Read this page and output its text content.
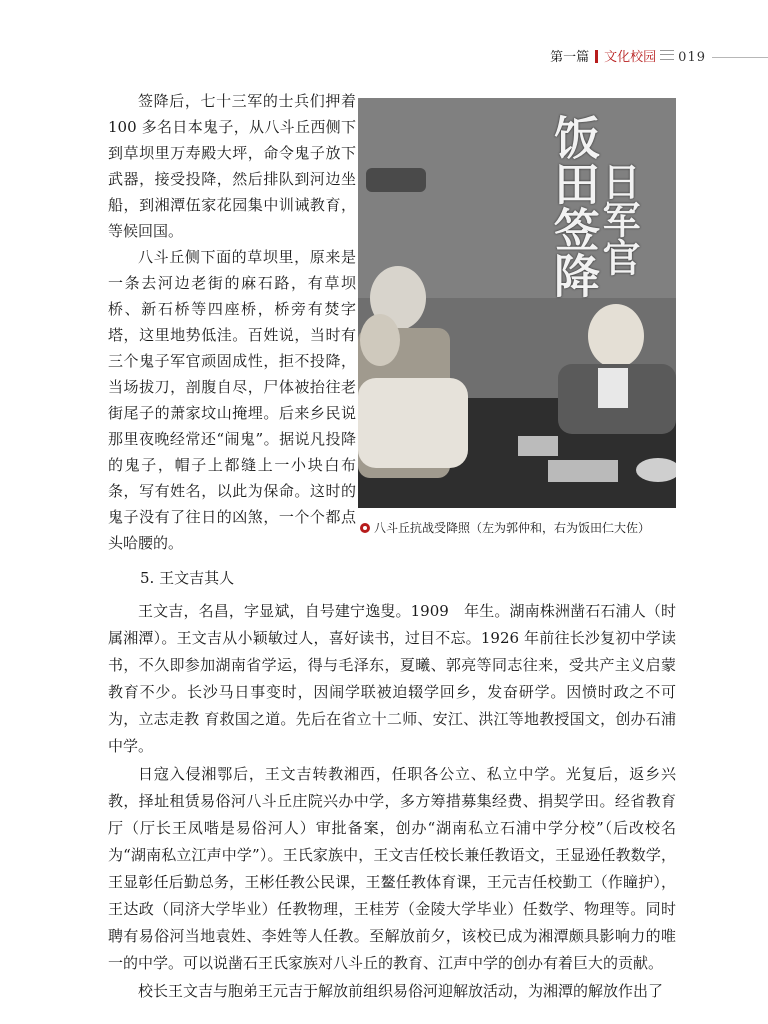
第一篇 文化校园 019

签降后，七十三军的士兵们押着 100 多名日本鬼子，从八斗丘西侧下到草坝里万寿殿大坪，命令鬼子放下武器，接受投降，然后排队到河边坐船，到湘潭伍家花园集中训诫教育，等候回国。

八斗丘侧下面的草坝里，原来是一条去河边老街的麻石路，有草坝桥、新石桥等四座桥，桥旁有焚字塔，这里地势低洼。百姓说，当时有三个鬼子军官顽固成性，拒不投降，当场拔刀，剖腹自尽，尸体被抬往老街尾子的萧家坟山掩埋。后来乡民说那里夜晚经常还“闹鬼”。据说凡投降的鬼子，帽子上都缝上一小块白布条，写有姓名，以此为保命。这时的鬼子没有了往日的凶煞，一个个都点头哈腰的。

饭田签降
日军官
八斗丘抗战受降照（左为郭仲和，右为饭田仁大佐）
5. 王文吉其人

王文吉，名昌，字显斌，自号建宁逸叟。1909　年生。湖南株洲凿石石浦人（时属湘潭）。王文吉从小颖敏过人，喜好读书，过目不忘。1926 年前往长沙复初中学读书，不久即参加湖南省学运，得与毛泽东，夏曦、郭亮等同志往来，受共产主义启蒙教育不少。长沙马日事变时，因闹学联被迫辍学回乡，发奋研学。因愤时政之不可为，立志走教 育救国之道。先后在省立十二师、安江、洪江等地教授国文，创办石浦中学。

日寇入侵湘鄂后，王文吉转教湘西，任职各公立、私立中学。光复后，返乡兴教，择址租赁易俗河八斗丘庄院兴办中学，多方筹措募集经费、捐契学田。经省教育厅（厅长王凤喈是易俗河人）审批备案，创办“湖南私立石浦中学分校”（后改校名为“湖南私立江声中学”）。王氏家族中，王文吉任校长兼任教语文，王显逊任教数学，王显彰任后勤总务，王彬任教公民课，王鳌任教体育课，王元吉任校勤工（作瞳护），王达政（同济大学毕业）任教物理，王桂芳（金陵大学毕业）任数学、物理等。同时聘有易俗河当地袁姓、李姓等人任教。至解放前夕，该校已成为湘潭颇具影响力的唯一的中学。可以说凿石王氏家族对八斗丘的教育、江声中学的创办有着巨大的贡献。

校长王文吉与胞弟王元吉于解放前组织易俗河迎解放活动，为湘潭的解放作出了
